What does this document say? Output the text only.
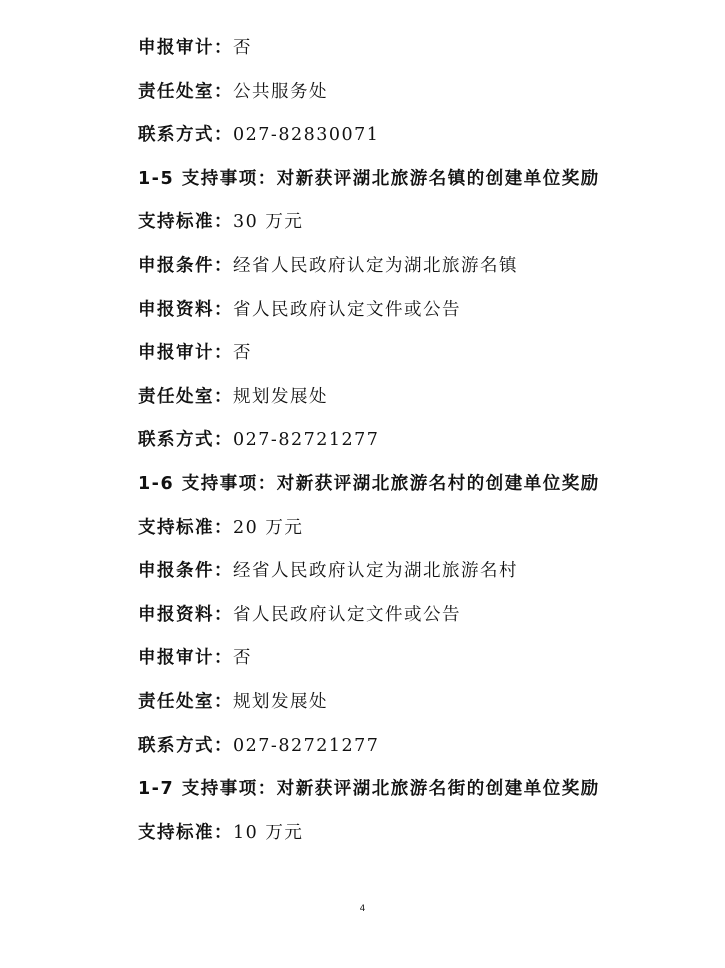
申报审计：否
责任处室：公共服务处
联系方式：027-82830071
1-5 支持事项：对新获评湖北旅游名镇的创建单位奖励
支持标准：30 万元
申报条件：经省人民政府认定为湖北旅游名镇
申报资料：省人民政府认定文件或公告
申报审计：否
责任处室：规划发展处
联系方式：027-82721277
1-6 支持事项：对新获评湖北旅游名村的创建单位奖励
支持标准：20 万元
申报条件：经省人民政府认定为湖北旅游名村
申报资料：省人民政府认定文件或公告
申报审计：否
责任处室：规划发展处
联系方式：027-82721277
1-7 支持事项：对新获评湖北旅游名街的创建单位奖励
支持标准：10 万元
4
